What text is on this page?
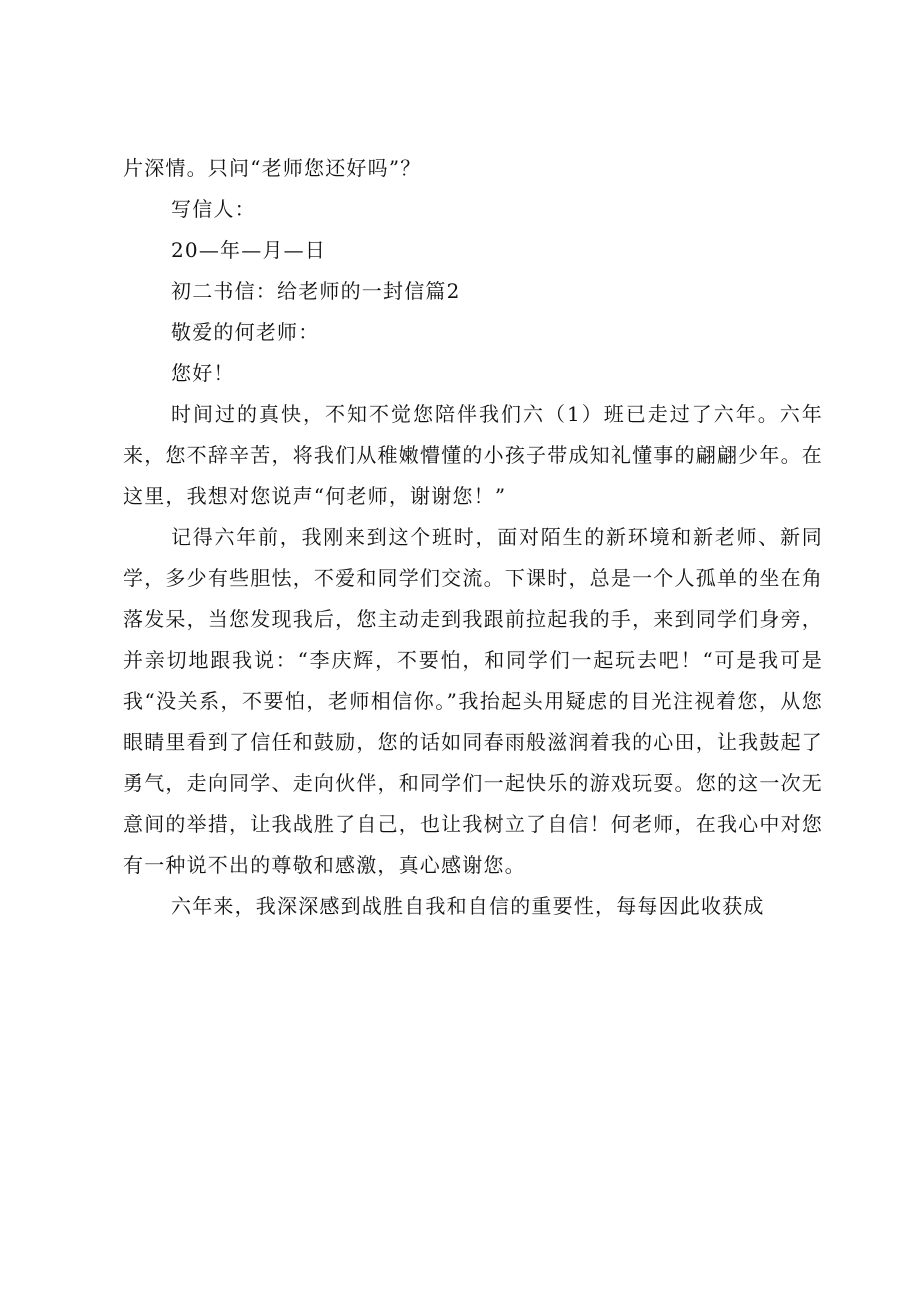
片深情。只问“老师您还好吗”？

写信人：

20—年—月—日

初二书信：给老师的一封信篇2

敬爱的何老师：

您好！

时间过的真快，不知不觉您陪伴我们六（1）班已走过了六年。六年来，您不辞辛苦，将我们从稚嫩懵懂的小孩子带成知礼懂事的翩翩少年。在这里，我想对您说声“何老师，谢谢您！”

记得六年前，我刚来到这个班时，面对陌生的新环境和新老师、新同学，多少有些胆怯，不爱和同学们交流。下课时，总是一个人孤单的坐在角落发呆，当您发现我后，您主动走到我跟前拉起我的手，来到同学们身旁，并亲切地跟我说：“李庆辉，不要怕，和同学们一起玩去吧！“可是我可是我“没关系，不要怕，老师相信你。”我抬起头用疑虑的目光注视着您，从您眼睛里看到了信任和鼓励，您的话如同春雨般滋润着我的心田，让我鼓起了勇气，走向同学、走向伙伴，和同学们一起快乐的游戏玩耍。您的这一次无意间的举措，让我战胜了自己，也让我树立了自信！何老师，在我心中对您有一种说不出的尊敬和感激，真心感谢您。

六年来，我深深感到战胜自我和自信的重要性，每每因此收获成
